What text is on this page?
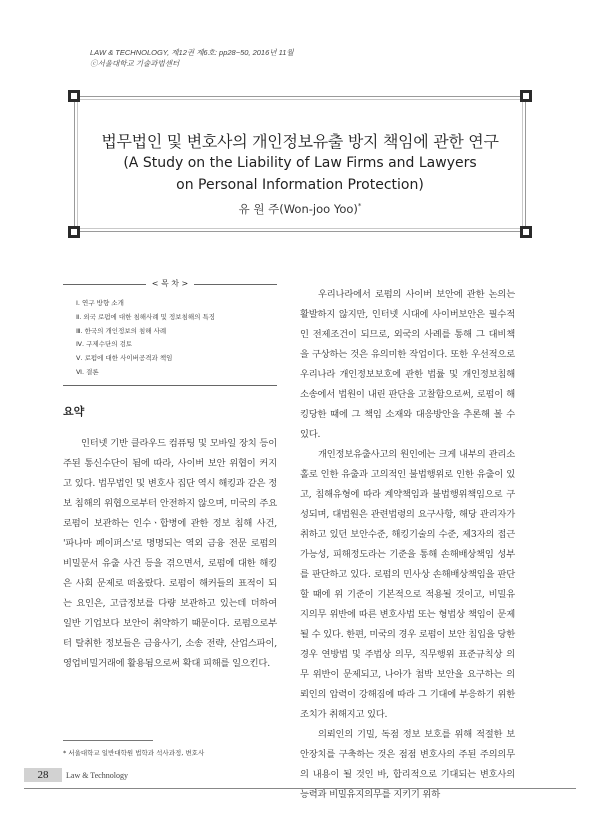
LAW & TECHNOLOGY, 제12권 제6호: pp28~50, 2016년 11월
ⓒ서울대학교 기술과법센터
법무법인 및 변호사의 개인정보유출 방지 책임에 관한 연구
(A Study on the Liability of Law Firms and Lawyers
on Personal Information Protection)
유 원 주(Won-joo Yoo)*
< 목 차 >
Ⅰ. 연구 방향 소개
Ⅱ. 외국 로펌에 대한 침해사례 및 정보침해의 특징
Ⅲ. 한국의 개인정보의 침해 사례
Ⅳ. 구제수단의 검토
Ⅴ. 로펌에 대한 사이버공격과 책임
Ⅵ. 결론
요약
인터넷 기반 클라우드 컴퓨팅 및 모바일 장치 등이 주된 통신수단이 됨에 따라, 사이버 보안 위협이 커지고 있다. 법무법인 및 변호사 집단 역시 해킹과 같은 정보 침해의 위협으로부터 안전하지 않으며, 미국의 주요 로펌이 보관하는 인수ㆍ합병에 관한 정보 침해 사건, '파나마 페이퍼스'로 명명되는 역외 금융 전문 로펌의 비밀문서 유출 사건 등을 겪으면서, 로펌에 대한 해킹은 사회 문제로 떠올랐다. 로펌이 해커들의 표적이 되는 요인은, 고급정보를 다량 보관하고 있는데 더하여 일반 기업보다 보안이 취약하기 때문이다. 로펌으로부터 탈취한 정보들은 금융사기, 소송 전략, 산업스파이, 영업비밀거래에 활용됨으로써 확대 피해를 일으킨다.

우리나라에서 로펌의 사이버 보안에 관한 논의는 활발하지 않지만, 인터넷 시대에 사이버보안은 필수적인 전제조건이 되므로, 외국의 사례를 통해 그 대비책을 구상하는 것은 유의미한 작업이다. 또한 우선적으로 우리나라 개인정보보호에 관한 법률 및 개인정보침해소송에서 법원이 내린 판단을 고찰함으로써, 로펌이 해킹당한 때에 그 책임 소재와 대응방안을 추론해 볼 수 있다.

개인정보유출사고의 원인에는 크게 내부의 관리소홀로 인한 유출과 고의적인 불법행위로 인한 유출이 있고, 침해유형에 따라 계약책임과 불법행위책임으로 구성되며, 대법원은 관련법령의 요구사항, 해당 관리자가 취하고 있던 보안수준, 해킹기술의 수준, 제3자의 접근가능성, 피해정도라는 기준을 통해 손해배상책임 성부를 판단하고 있다. 로펌의 민사상 손해배상책임을 판단할 때에 위 기준이 기본적으로 적용될 것이고, 비밀유지의무 위반에 따른 변호사법 또는 형법상 책임이 문제될 수 있다. 한편, 미국의 경우 로펌이 보안 침입을 당한 경우 연방법 및 주법상 의무, 직무행위 표준규칙상 의무 위반이 문제되고, 나아가 첨박 보안을 요구하는 의뢰인의 압력이 강해짐에 따라 그 기대에 부응하기 위한 조치가 취해지고 있다.

의뢰인의 기밀, 독점 정보 보호를 위해 적절한 보안장치를 구축하는 것은 점점 변호사의 주된 주의의무의 내용이 될 것인 바, 합리적으로 기대되는 변호사의 능력과 비밀유지의무를 지키기 위하

* 서울대학교 일반대학원 법학과 석사과정, 변호사
28	Law & Technology
